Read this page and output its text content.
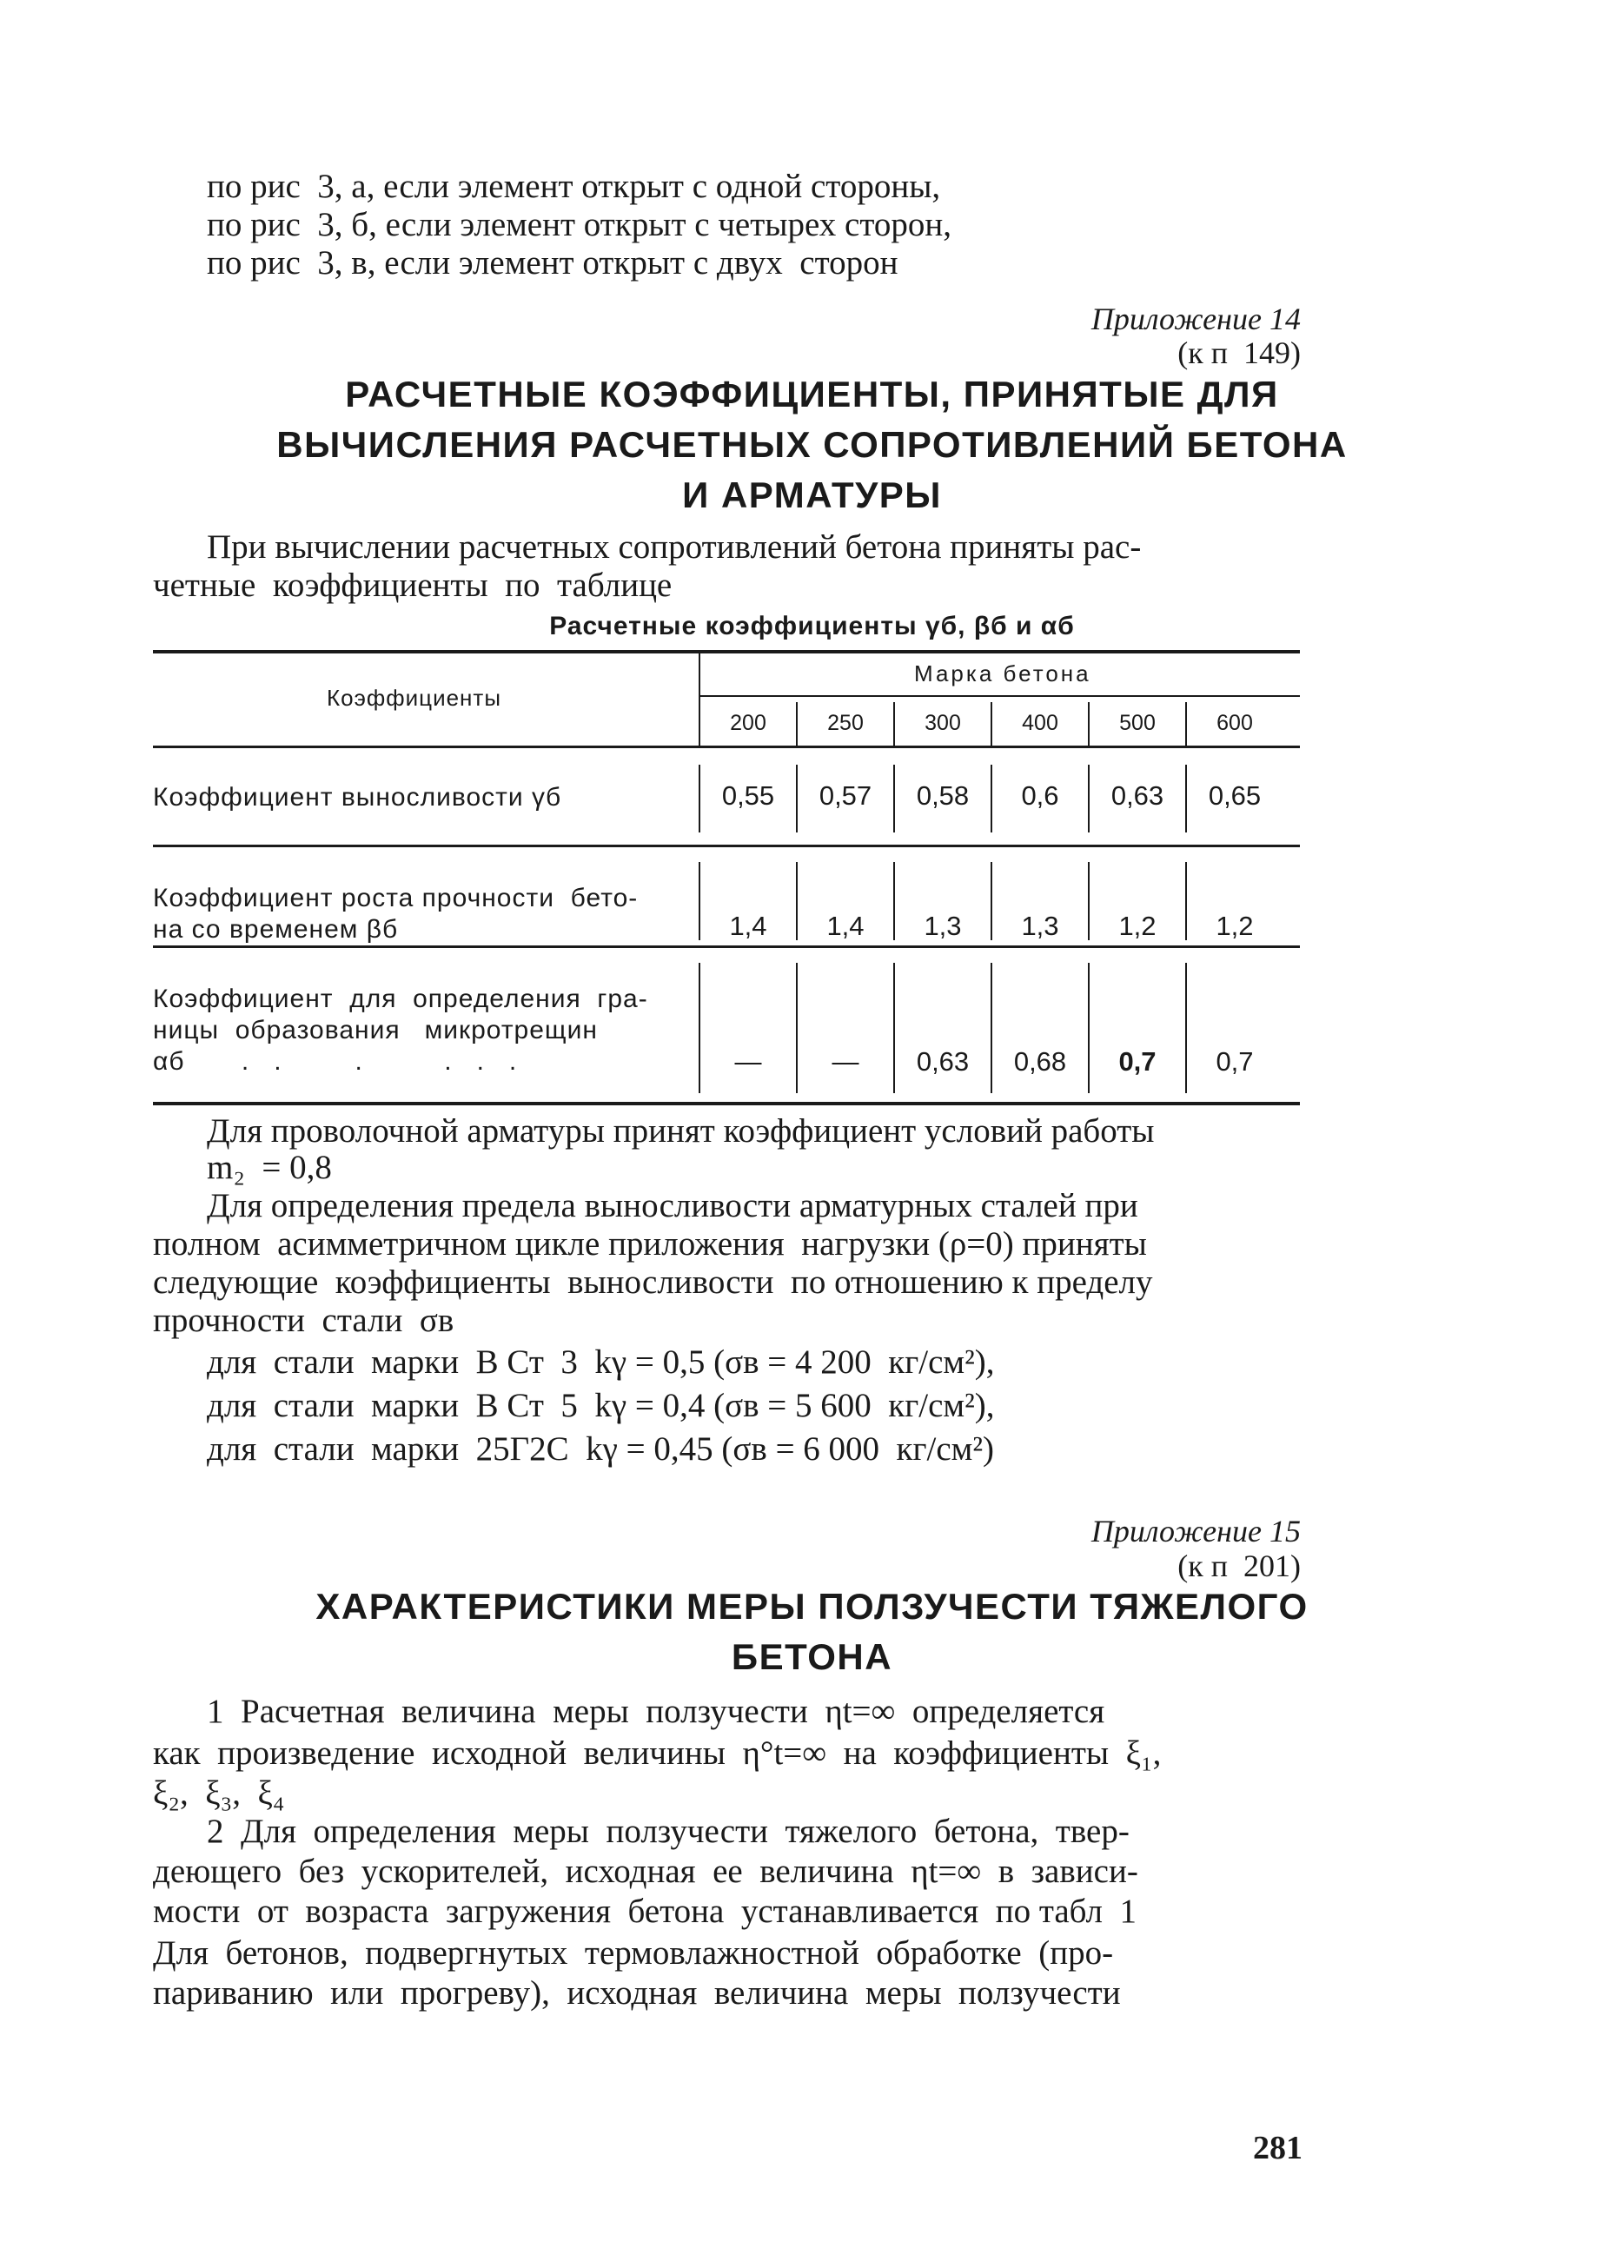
по рис  3, а, если элемент открыт с одной стороны,
по рис  3, б, если элемент открыт с четырех сторон,
по рис  3, в, если элемент открыт с двух  сторон
Приложение 14
(к п  149)
РАСЧЕТНЫЕ КОЭФФИЦИЕНТЫ, ПРИНЯТЫЕ ДЛЯ
ВЫЧИСЛЕНИЯ РАСЧЕТНЫХ СОПРОТИВЛЕНИЙ БЕТОНА
И АРМАТУРЫ
При вычислении расчетных сопротивлений бетона приняты рас-
четные  коэффициенты  по  таблице
Расчетные коэффициенты γб, βб и αб
Коэффициенты
Марка бетона
200	250	300	400	500	600
Коэффициент выносливости γб	0,55	0,57	0,58	0,6	0,63	0,65
Коэффициент роста прочности  бето-
на со временем βб	1,4	1,4	1,3	1,3	1,2	1,2
Коэффициент  для  определения  гра-
ницы  образования   микротрещин
αб       .   .         .          .   .   .	—	—	0,63	0,68	0,7	0,7
Для проволочной арматуры принят коэффициент условий работы
m₂  = 0,8
Для определения предела выносливости арматурных сталей при
полном  асимметричном цикле приложения  нагрузки (ρ=0) приняты
следующие  коэффициенты  выносливости  по отношению к пределу
прочности  стали  σв
для  стали  марки  В Ст  3  kγ = 0,5 (σв = 4 200  кг/см²),
для  стали  марки  В Ст  5  kγ = 0,4 (σв = 5 600  кг/см²),
для  стали  марки  25Г2С  kγ = 0,45 (σв = 6 000  кг/см²)
Приложение 15
(к п  201)
ХАРАКТЕРИСТИКИ МЕРЫ ПОЛЗУЧЕСТИ ТЯЖЕЛОГО
БЕТОНА
1  Расчетная  величина  меры  ползучести  ηt=∞  определяется
как  произведение  исходной  величины  η°t=∞  на  коэффициенты  ξ₁,
ξ₂,  ξ₃,  ξ₄
2  Для  определения  меры  ползучести  тяжелого  бетона,  твер-
деющего  без  ускорителей,  исходная  ее  величина  ηt=∞  в  зависи-
мости  от  возраста  загружения  бетона  устанавливается  по табл  1
Для  бетонов,  подвергнутых  термовлажностной  обработке  (про-
париванию  или  прогреву),  исходная  величина  меры  ползучести
281
